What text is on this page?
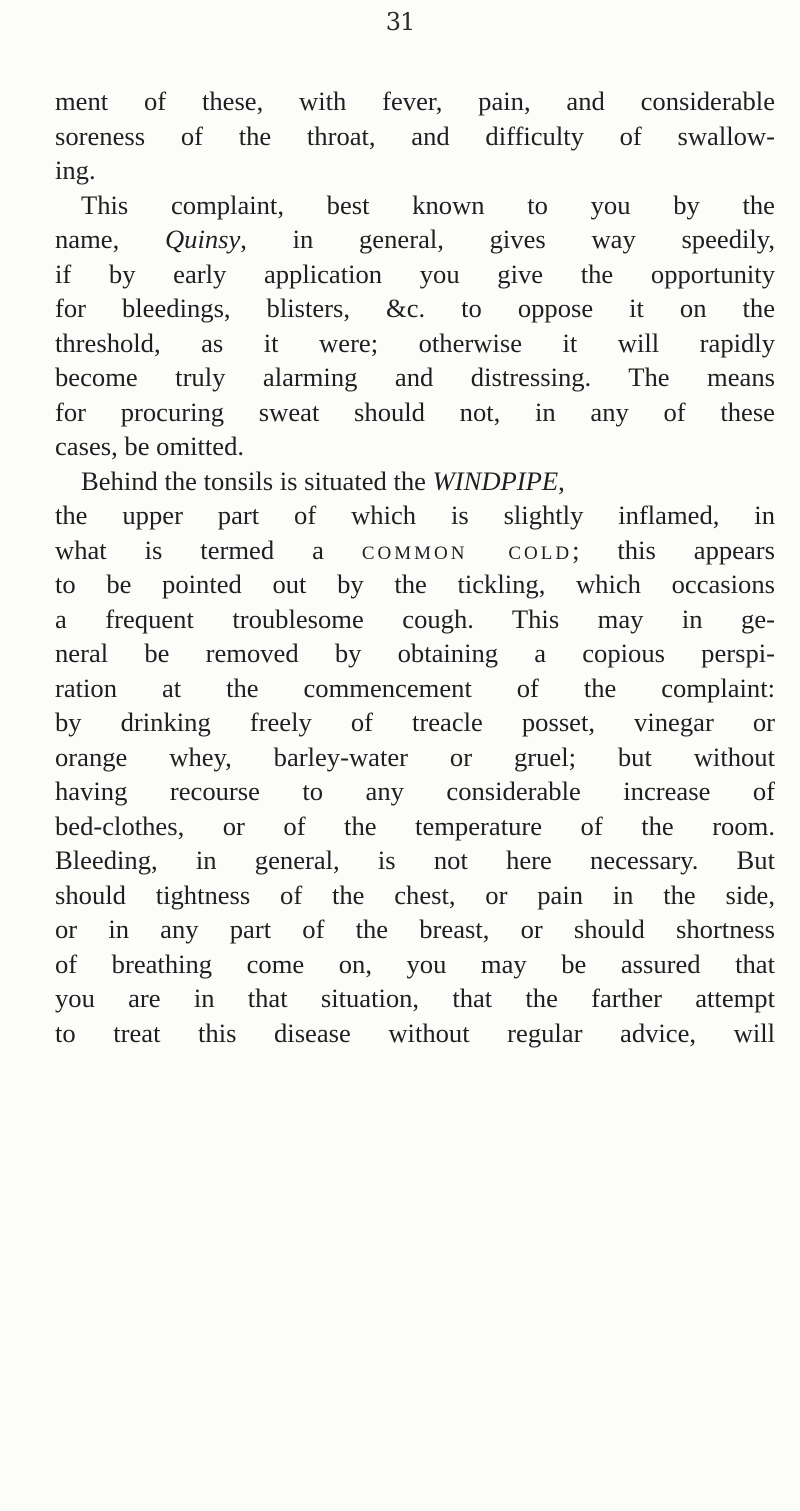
31
ment of these, with fever, pain, and considerable
soreness of the throat, and difficulty of swallow-
ing.
This complaint, best known to you by the
name, Quinsy, in general, gives way speedily,
if by early application you give the opportunity
for bleedings, blisters, &c. to oppose it on the
threshold, as it were; otherwise it will rapidly
become truly alarming and distressing. The means
for procuring sweat should not, in any of these
cases, be omitted.
Behind the tonsils is situated the WINDPIPE,
the upper part of which is slightly inflamed, in
what is termed a common cold; this appears
to be pointed out by the tickling, which occasions
a frequent troublesome cough. This may in ge-
neral be removed by obtaining a copious perspi-
ration at the commencement of the complaint:
by drinking freely of treacle posset, vinegar or
orange whey, barley-water or gruel; but without
having recourse to any considerable increase of
bed-clothes, or of the temperature of the room.
Bleeding, in general, is not here necessary. But
should tightness of the chest, or pain in the side,
or in any part of the breast, or should shortness
of breathing come on, you may be assured that
you are in that situation, that the farther attempt
to treat this disease without regular advice, will
